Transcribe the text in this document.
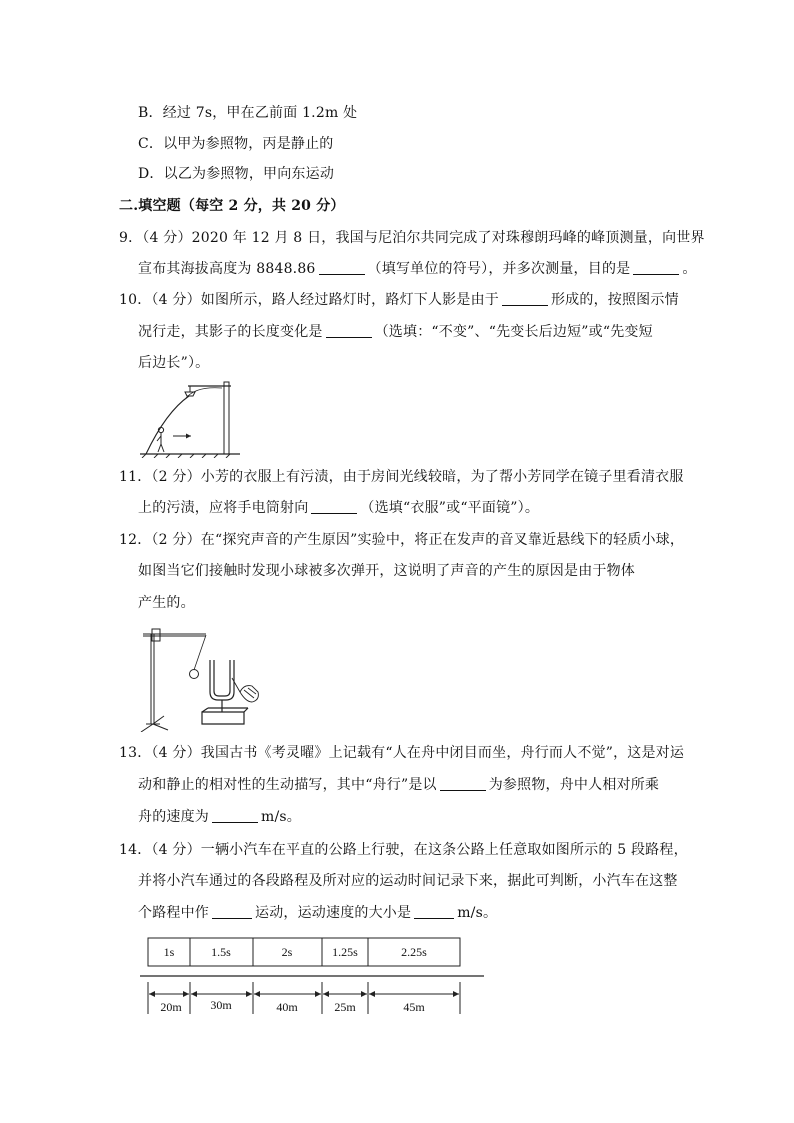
B．经过 7s，甲在乙前面 1.2m 处
C．以甲为参照物，丙是静止的
D．以乙为参照物，甲向东运动
二.填空题（每空 2 分，共 20 分）
9．（4 分）2020 年 12 月 8 日，我国与尼泊尔共同完成了对珠穆朗玛峰的峰顶测量，向世界
宣布其海拔高度为 8848.86	（填写单位的符号），并多次测量，目的是	。
10．（4 分）如图所示，路人经过路灯时，路灯下人影是由于	形成的，按照图示情
况行走，其影子的长度变化是	（选填：“不变”、“先变长后边短”或“先变短
后边长”）。
11．（2 分）小芳的衣服上有污渍，由于房间光线较暗，为了帮小芳同学在镜子里看清衣服
上的污渍，应将手电筒射向	（选填“衣服”或“平面镜”）。
12．（2 分）在“探究声音的产生原因”实验中，将正在发声的音叉靠近悬线下的轻质小球，
如图当它们接触时发现小球被多次弹开，这说明了声音的产生的原因是由于物体
产生的。
13．（4 分）我国古书《考灵曜》上记载有“人在舟中闭目而坐，舟行而人不觉”，这是对运
动和静止的相对性的生动描写，其中“舟行”是以	为参照物，舟中人相对所乘
舟的速度为	m/s。
14．（4 分）一辆小汽车在平直的公路上行驶，在这条公路上任意取如图所示的 5 段路程，
并将小汽车通过的各段路程及所对应的运动时间记录下来，据此可判断，小汽车在这整
个路程中作	运动，运动速度的大小是	m/s。
1s	1.5s	2s	1.25s	2.25s
20m 30m	40m	25m	45m
